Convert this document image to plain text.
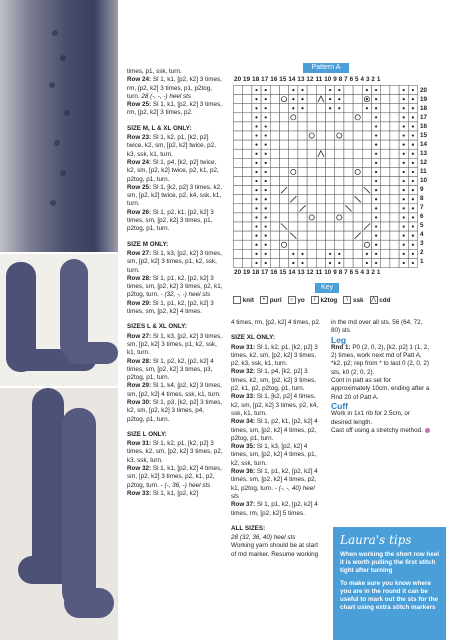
times, p1, ssk, turn.

Row 24: Sl 1, k1, [p2, k2] 3 times, rm, [p2, k2] 3 times, p1, p2tog, turn. 28 (-, -, -) heel sts

Row 25: Sl 1, k1, [p2, k2] 3 times, rm, [p2, k2] 3 times, p2.

SIZE M, L & XL ONLY:

Row 23: Sl 1, k2, p1, [k2, p2] twice, k2, sm, [p2, k2] twice, p2, k3, ssk, k1, turn.

Row 24: Sl 1, p4, [k2, p2] twice, k2, sm, [p2, k2] twice, p2, k1, p2, p2tog, p1, turn.

Row 25: Sl 1, [k2, p2] 3 times, k2, sm, [p2, k2] twice, p2, k4, ssk, k1, turn.

Row 26: Sl 1, p2, k1, [p2, k2] 3 times, sm, [p2, k2] 3 times, p1, p2tog, p1, turn.

SIZE M ONLY:

Row 27: Sl 1, k3, [p2, k2] 3 times, sm, [p2, k2] 3 times, p1, k2, ssk, turn.

Row 28: Sl 1, p1, k2, [p2, k2] 3 times, sm, [p2, k2] 3 times, p2, k1, p2tog, turn. - (32, -, -) heel sts

Row 29: Sl 1, p1, k2, [p2, k2] 3 times, sm, [p2, k2] 4 times.

SIZES L & XL ONLY:

Row 27: Sl 1, k3, [p2, k2] 3 times, sm, [p2, k2] 3 times, p1, k2, ssk, k1, turn.

Row 28: Sl 1, p2, k2, [p2, k2] 4 times, sm, [p2, k2] 3 times, p3, p2tog, p1, turn.

Row 29: Sl 1, k4, [p2, k2] 3 times, sm, [p2, k2] 4 times, ssk, k1, turn.

Row 30: Sl 1, p3, [k2, p2] 3 times, k2, sm, [p2, k2] 3 times, p4, p2tog, p1, turn.

SIZE L ONLY:

Row 31: Sl 1, k2, p1, [k2, p2] 3 times, k2, sm, [p2, k2] 3 times, p2, k3, ssk, turn.

Row 32: Sl 1, k1, [p2, k2] 4 times, sm, [p2, k2] 3 times, p2, k1, p2, p2tog, turn. - (-, 36, -) heel sts

Row 33: Sl 1, k1, [p2, k2]

Pattern A
20 19 18 17 16 15 14 13 12 11 10 9 8 7 6 5 4 3 2 1
20
19
18
17
16
15
14
13
12
11
10
9
8
7
6
5
4
3
2
1
20 19 18 17 16 15 14 13 12 11 10 9 8 7 6 5 4 3 2 1
Key
knit • purl ○ yo / k2tog \ ssk ⋀ cdd

4 times, rm, [p2, k2] 4 times, p2.

SIZE XL ONLY:

Row 31: Sl 1, k2, p1, [k2, p2] 3 times, k2, sm, [p2, k2] 3 times, p2, k3, ssk, k1, turn.

Row 32: Sl 1, p4, [k2, p2] 3 times, k2, sm, [p2, k2] 3 times, p2, k1, p2, p2tog, p1, turn.

Row 33: Sl 1, [k2, p2] 4 times, k2, sm, [p2, k2] 3 times, p2, k4, ssk, k1, turn.

Row 34: Sl 1, p2, k1, [p2, k2] 4 times, sm, [p2, k2] 4 times, p2, p2tog, p1, turn.

Row 35: Sl 1, k3, [p2, k2] 4 times, sm, [p2, k2] 4 times, p1, k2, ssk, turn.

Row 36: Sl 1, p1, k2, [p2, k2] 4 times, sm, [p2, k2] 4 times, p2, k1, p2tog, turn. - (-, -, 40) heel sts

Row 37: Sl 1, p1, k2, [p2, k2] 4 times, rm, [p2, k2] 5 times.

ALL SIZES:

28 (32, 36, 40) heel sts

Working yarn should be at start of md marker. Resume working

in the md over all sts. 56 (64, 72, 80) sts

Leg

Rnd 1: P0 (2, 0, 2), [k2, p2] 1 (1, 2, 2) times, work next md of Patt A, *k2, p2; rep from * to last 0 (2, 0, 2) sts, k0 (2, 0, 2).

Cont in patt as set for approximately 10cm, ending after a Rnd 20 of Patt A.

Cuff

Work in 1x1 rib for 2.5cm, or desired length.

Cast off using a stretchy method.

Laura's tips

When working the short row heel it is worth pulling the first stitch tight after turning

To make sure you know where you are in the round it can be useful to mark out the sts for the chart using extra stitch markers
